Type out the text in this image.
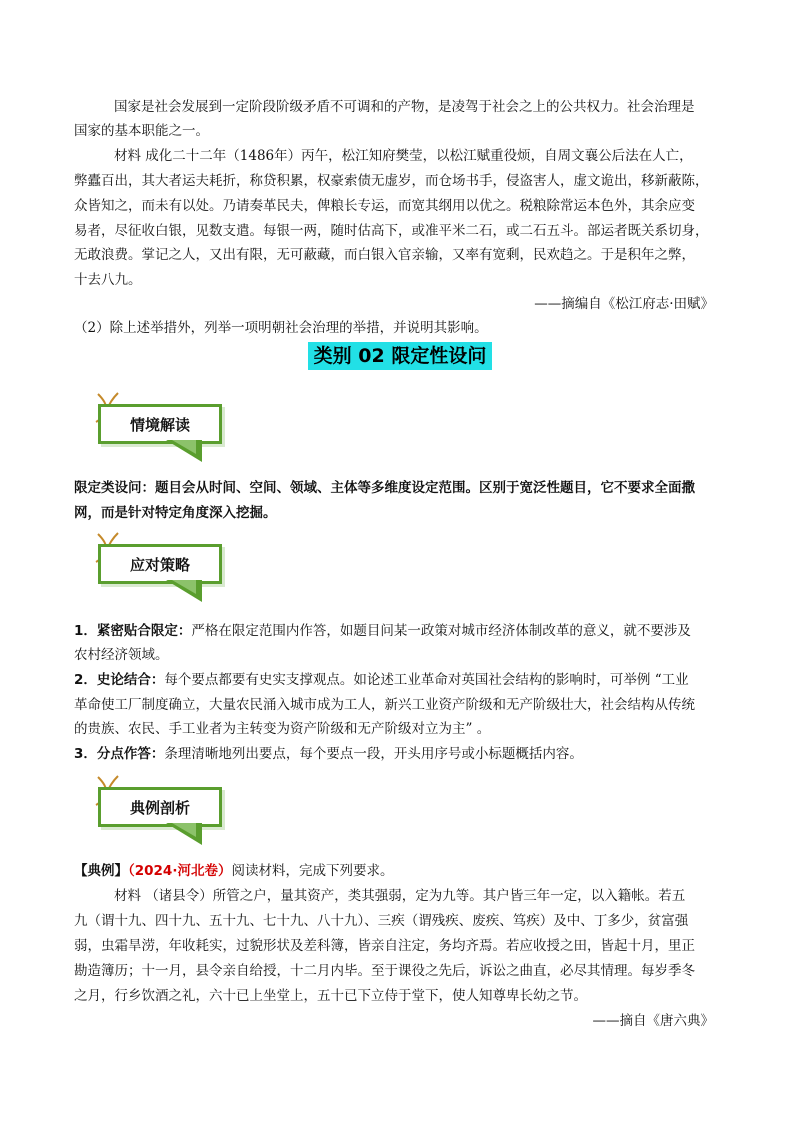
国家是社会发展到一定阶段阶级矛盾不可调和的产物，是凌驾于社会之上的公共权力。社会治理是
国家的基本职能之一。
材料 成化二十二年（1486年）丙午，松江知府樊莹，以松江赋重役烦，自周文襄公后法在人亡，
弊蠹百出，其大者运夫耗折，称贷积累，权豪索债无虚岁，而仓场书手，侵盗害人，虚文诡出，移新蔽陈，
众皆知之，而未有以处。乃请奏革民夫，俾粮长专运，而宽其纲用以优之。税粮除常运本色外，其余应变
易者，尽征收白银，见数支遣。每银一两，随时估高下，或准平米二石，或二石五斗。部运者既关系切身，
无敢浪费。掌记之人，又出有限，无可蔽藏，而白银入官亲输，又率有宽剩，民欢趋之。于是积年之弊，
十去八九。
——摘编自《松江府志·田赋》
（2）除上述举措外，列举一项明朝社会治理的举措，并说明其影响。
类别 02 限定性设问
情境解读
限定类设问：题目会从时间、空间、领域、主体等多维度设定范围。区别于宽泛性题目，它不要求全面撒
网，而是针对特定角度深入挖掘。
应对策略
1．紧密贴合限定：严格在限定范围内作答，如题目问某一政策对城市经济体制改革的意义，就不要涉及
农村经济领域。
2．史论结合：每个要点都要有史实支撑观点。如论述工业革命对英国社会结构的影响时，可举例 “工业
革命使工厂制度确立，大量农民涌入城市成为工人，新兴工业资产阶级和无产阶级壮大，社会结构从传统
的贵族、农民、手工业者为主转变为资产阶级和无产阶级对立为主” 。
3．分点作答：条理清晰地列出要点，每个要点一段，开头用序号或小标题概括内容。
典例剖析
【典例】（2024·河北卷）阅读材料，完成下列要求。
材料 （诸县令）所管之户，量其资产，类其强弱，定为九等。其户皆三年一定，以入籍帐。若五
九（谓十九、四十九、五十九、七十九、八十九）、三疾（谓残疾、废疾、笃疾）及中、丁多少，贫富强
弱，虫霜旱涝，年收耗实，过貌形状及差科簿，皆亲自注定，务均齐焉。若应收授之田，皆起十月，里正
勘造簿历；十一月，县令亲自给授，十二月内毕。至于课役之先后，诉讼之曲直，必尽其情理。每岁季冬
之月，行乡饮酒之礼，六十已上坐堂上，五十已下立侍于堂下，使人知尊卑长幼之节。
——摘自《唐六典》
